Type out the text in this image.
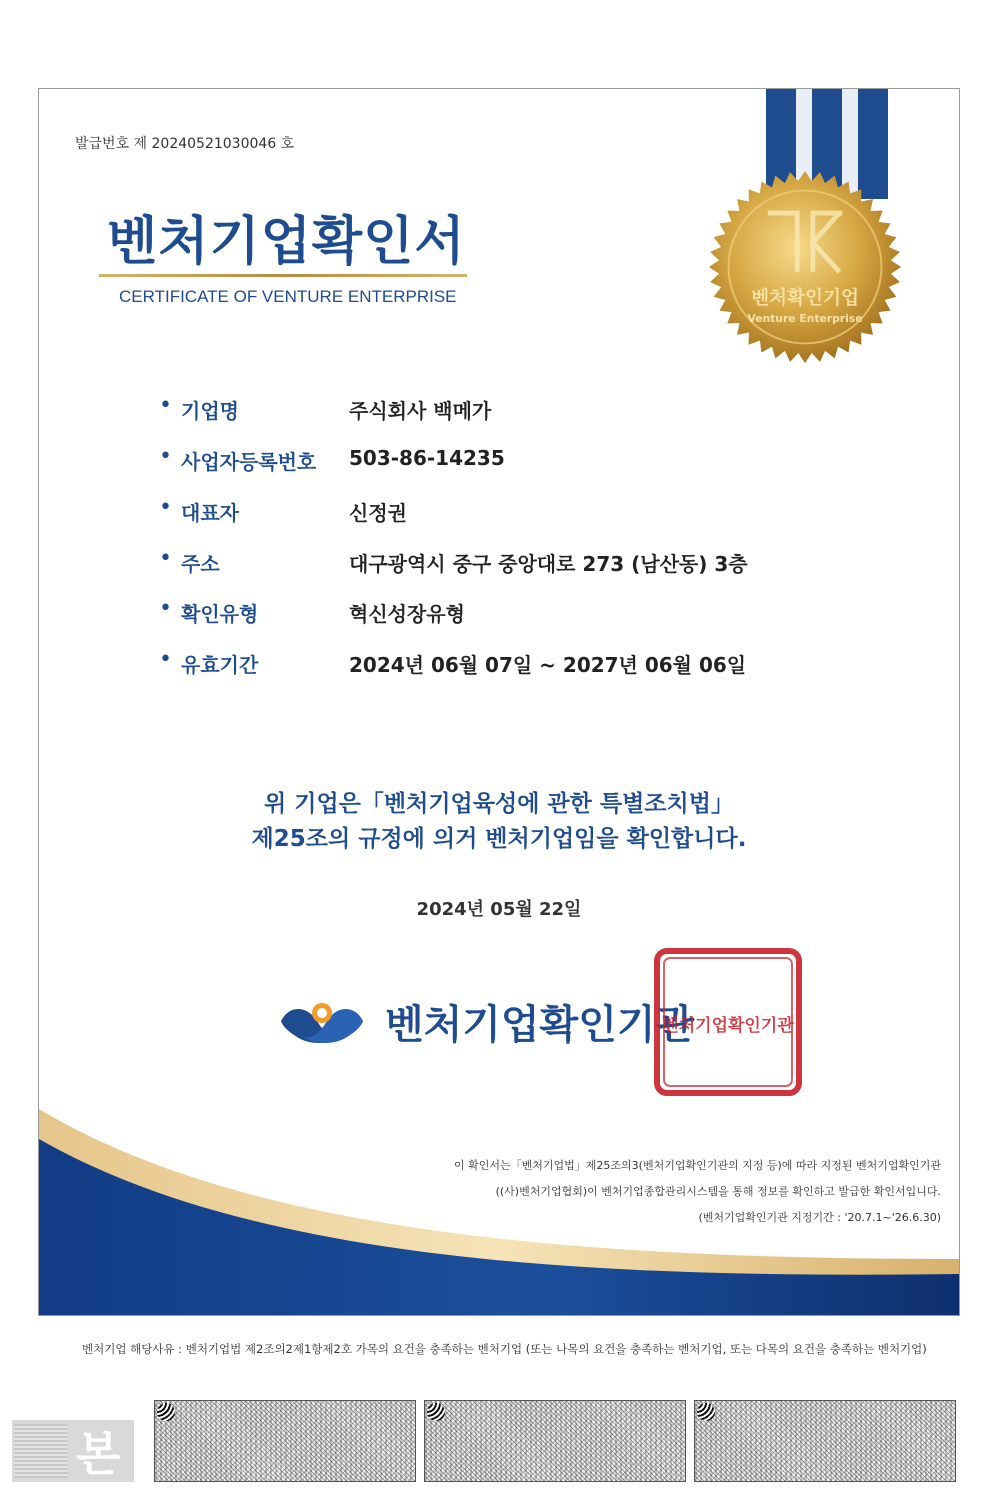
발급번호 제 20240521030046 호
벤처기업확인서
CERTIFICATE OF VENTURE ENTERPRISE	벤처확인기업
Venture Enterprise
• 기업명	주식회사 백메가
• 사업자등록번호 503-86-14235
• 대표자	신정권
• 주소	대구광역시 중구 중앙대로 273 (남산동) 3층
• 확인유형	혁신성장유형
• 유효기간	2024년 06월 07일 ~ 2027년 06월 06일
위 기업은「벤처기업육성에 관한 특별조치법」
제25조의 규정에 의거 벤처기업임을 확인합니다.
2024년 05월 22일
벤처기업확인기관
벤처기업확인기관
이 확인서는「벤처기업법」제25조의3(벤처기업확인기관의 지정 등)에 따라 지정된 벤처기업확인기관
((사)벤처기업협회)이 벤처기업종합관리시스템을 통해 정보를 확인하고 발급한 확인서입니다.
(벤처기업확인기관 지정기간 : '20.7.1~'26.6.30)
벤처기업 해당사유 : 벤처기업법 제2조의2제1항제2호 가목의 요건을 충족하는 벤처기업 (또는 나목의 요건을 충족하는 벤처기업, 또는 다목의 요건을 충족하는 벤처기업)
본
